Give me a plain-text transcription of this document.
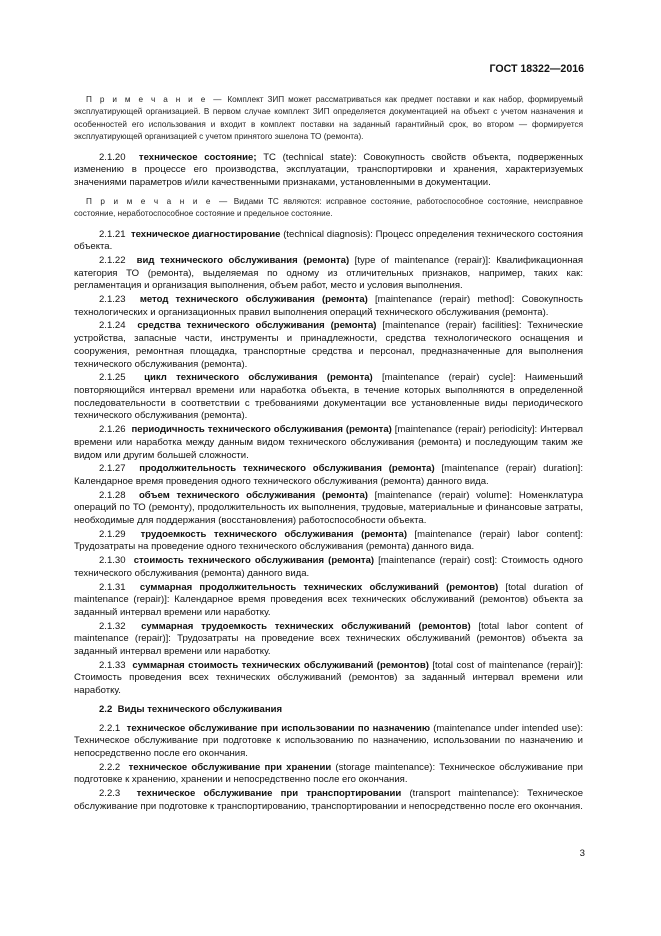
ГОСТ 18322—2016

П р и м е ч а н и е — Комплект ЗИП может рассматриваться как предмет поставки и как набор, формируемый эксплуатирующей организацией. В первом случае комплект ЗИП определяется документацией на объект с учетом назначения и особенностей его использования и входит в комплект поставки на заданный гарантийный срок, во втором — формируется эксплуатирующей организацией с учетом принятого эшелона ТО (ремонта).

2.1.20 техническое состояние; ТС (technical state): Совокупность свойств объекта, подверженных изменению в процессе его производства, эксплуатации, транспортировки и хранения, характеризуемых значениями параметров и/или качественными признаками, установленными в документации.

П р и м е ч а н и е — Видами ТС являются: исправное состояние, работоспособное состояние, неисправное состояние, неработоспособное состояние и предельное состояние.

2.1.21 техническое диагностирование (technical diagnosis): Процесс определения технического состояния объекта.

2.1.22 вид технического обслуживания (ремонта) [type of maintenance (repair)]: Квалификационная категория ТО (ремонта), выделяемая по одному из отличительных признаков, например, таких как: регламентация и организация выполнения, объем работ, место и условия выполнения.

2.1.23 метод технического обслуживания (ремонта) [maintenance (repair) method]: Совокупность технологических и организационных правил выполнения операций технического обслуживания (ремонта).

2.1.24 средства технического обслуживания (ремонта) [maintenance (repair) facilities]: Технические устройства, запасные части, инструменты и принадлежности, средства технологического оснащения и сооружения, ремонтная площадка, транспортные средства и персонал, предназначенные для выполнения технического обслуживания (ремонта).

2.1.25 цикл технического обслуживания (ремонта) [maintenance (repair) cycle]: Наименьший повторяющийся интервал времени или наработка объекта, в течение которых выполняются в определенной последовательности в соответствии с требованиями документации все установленные виды периодического технического обслуживания (ремонта).

2.1.26 периодичность технического обслуживания (ремонта) [maintenance (repair) periodicity]: Интервал времени или наработка между данным видом технического обслуживания (ремонта) и последующим таким же видом или другим большей сложности.

2.1.27 продолжительность технического обслуживания (ремонта) [maintenance (repair) duration]: Календарное время проведения одного технического обслуживания (ремонта) данного вида.

2.1.28 объем технического обслуживания (ремонта) [maintenance (repair) volume]: Номенклатура операций по ТО (ремонту), продолжительность их выполнения, трудовые, материальные и финансовые затраты, необходимые для поддержания (восстановления) работоспособности объекта.

2.1.29 трудоемкость технического обслуживания (ремонта) [maintenance (repair) labor content]: Трудозатраты на проведение одного технического обслуживания (ремонта) данного вида.

2.1.30 стоимость технического обслуживания (ремонта) [maintenance (repair) cost]: Стоимость одного технического обслуживания (ремонта) данного вида.

2.1.31 суммарная продолжительность технических обслуживаний (ремонтов) [total duration of maintenance (repair)]: Календарное время проведения всех технических обслуживаний (ремонтов) объекта за заданный интервал времени или наработку.

2.1.32 суммарная трудоемкость технических обслуживаний (ремонтов) [total labor content of maintenance (repair)]: Трудозатраты на проведение всех технических обслуживаний (ремонтов) объекта за заданный интервал времени или наработку.

2.1.33 суммарная стоимость технических обслуживаний (ремонтов) [total cost of maintenance (repair)]: Стоимость проведения всех технических обслуживаний (ремонтов) за заданный интервал времени или наработку.

2.2 Виды технического обслуживания

2.2.1 техническое обслуживание при использовании по назначению (maintenance under intended use): Техническое обслуживание при подготовке к использованию по назначению, использовании по назначению и непосредственно после его окончания.

2.2.2 техническое обслуживание при хранении (storage maintenance): Техническое обслуживание при подготовке к хранению, хранении и непосредственно после его окончания.

2.2.3 техническое обслуживание при транспортировании (transport maintenance): Техническое обслуживание при подготовке к транспортированию, транспортировании и непосредственно после его окончания.

3
